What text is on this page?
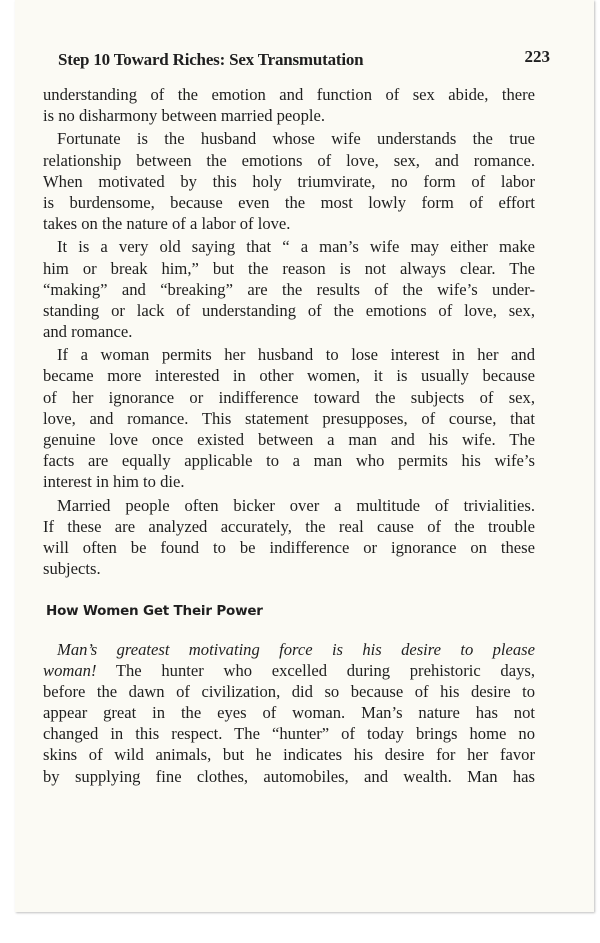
Step 10 Toward Riches: Sex Transmutation	223
understanding of the emotion and function of sex abide, there
is no disharmony between married people.
Fortunate is the husband whose wife understands the true
relationship between the emotions of love, sex, and romance.
When motivated by this holy triumvirate, no form of labor
is burdensome, because even the most lowly form of effort
takes on the nature of a labor of love.
It is a very old saying that “ a man’s wife may either make
him or break him,” but the reason is not always clear. The
“making” and “breaking” are the results of the wife’s under-
standing or lack of understanding of the emotions of love, sex,
and romance.
If a woman permits her husband to lose interest in her and
became more interested in other women, it is usually because
of her ignorance or indifference toward the subjects of sex,
love, and romance. This statement presupposes, of course, that
genuine love once existed between a man and his wife. The
facts are equally applicable to a man who permits his wife’s
interest in him to die.
Married people often bicker over a multitude of trivialities.
If these are analyzed accurately, the real cause of the trouble
will often be found to be indifference or ignorance on these
subjects.
How Women Get Their Power
Man’s greatest motivating force is his desire to please
woman! The hunter who excelled during prehistoric days,
before the dawn of civilization, did so because of his desire to
appear great in the eyes of woman. Man’s nature has not
changed in this respect. The “hunter” of today brings home no
skins of wild animals, but he indicates his desire for her favor
by supplying fine clothes, automobiles, and wealth. Man has
